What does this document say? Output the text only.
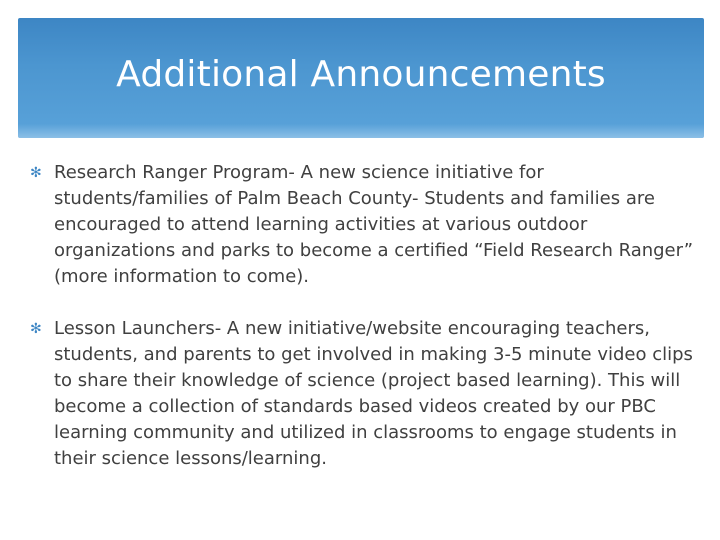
Additional Announcements
✻ Research Ranger Program- A new science initiative for students/families of Palm Beach County- Students and families are encouraged to attend learning activities at various outdoor organizations and parks to become a certified “Field Research Ranger” (more information to come).
✻ Lesson Launchers- A new initiative/website encouraging teachers, students, and parents to get involved in making 3-5 minute video clips to share their knowledge of science (project based learning). This will become a collection of standards based videos created by our PBC learning community and utilized in classrooms to engage students in their science lessons/learning.
